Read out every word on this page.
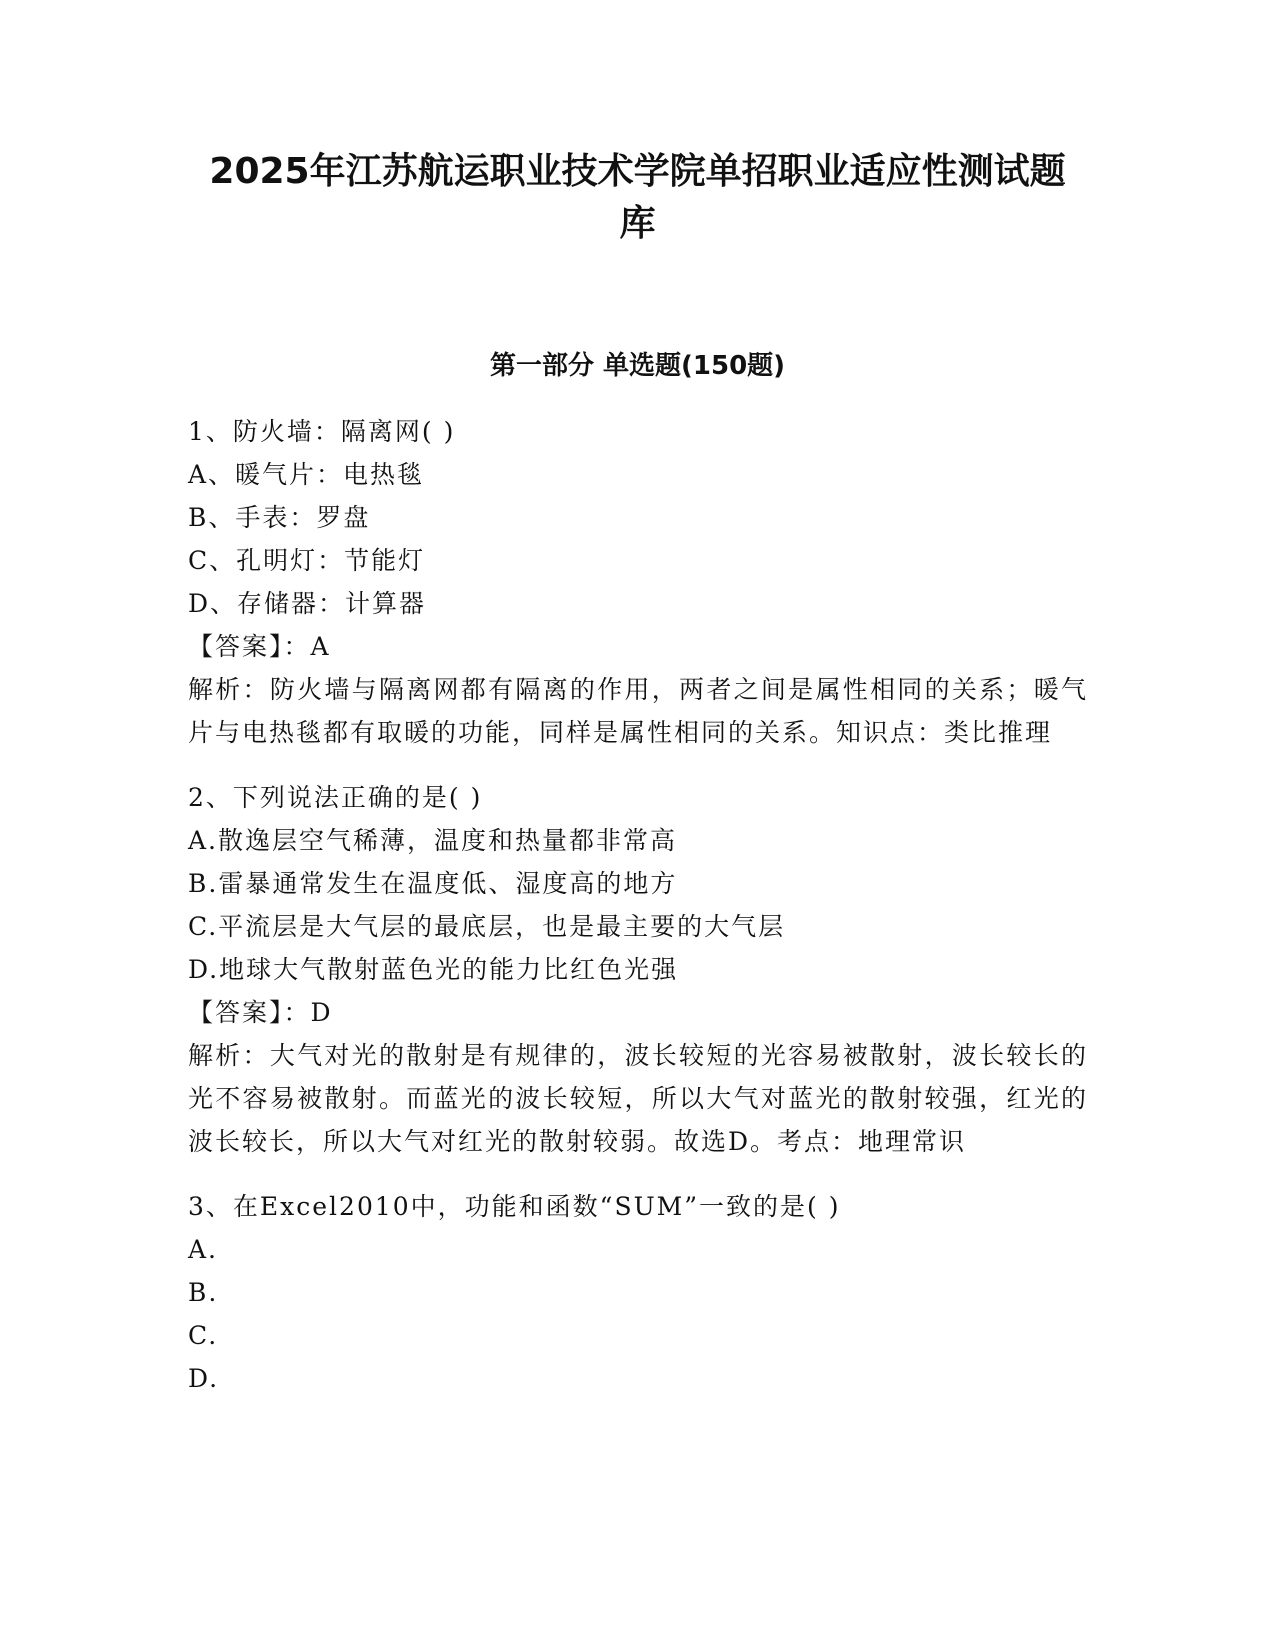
2025年江苏航运职业技术学院单招职业适应性测试题
库
第一部分 单选题(150题)
1、防火墙：隔离网( )
A、暖气片：电热毯
B、手表：罗盘
C、孔明灯：节能灯
D、存储器：计算器
【答案】：A
解析：防火墙与隔离网都有隔离的作用，两者之间是属性相同的关系；暖气片与电热毯都有取暖的功能，同样是属性相同的关系。知识点：类比推理
2、下列说法正确的是( )
A.散逸层空气稀薄，温度和热量都非常高
B.雷暴通常发生在温度低、湿度高的地方
C.平流层是大气层的最底层，也是最主要的大气层
D.地球大气散射蓝色光的能力比红色光强
【答案】：D
解析：大气对光的散射是有规律的，波长较短的光容易被散射，波长较长的光不容易被散射。而蓝光的波长较短，所以大气对蓝光的散射较强，红光的波长较长，所以大气对红光的散射较弱。故选D。考点：地理常识
3、在Excel2010中，功能和函数“SUM”一致的是( )
A.
B.
C.
D.
